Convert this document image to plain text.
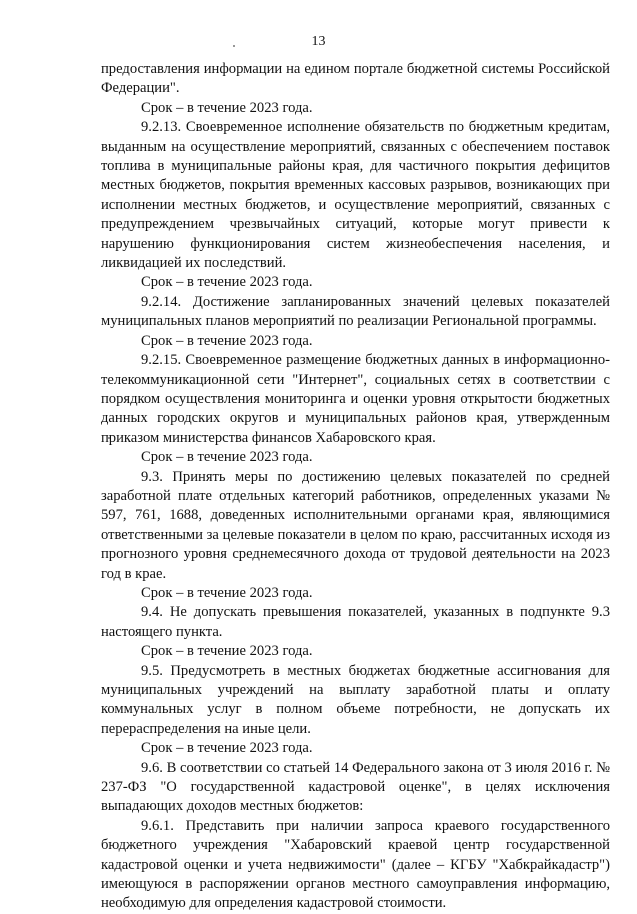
13

предоставления информации на едином портале бюджетной системы Российской Федерации".

Срок – в течение 2023 года.

9.2.13. Своевременное исполнение обязательств по бюджетным кредитам, выданным на осуществление мероприятий, связанных с обеспечением поставок топлива в муниципальные районы края, для частичного покрытия дефицитов местных бюджетов, покрытия временных кассовых разрывов, возникающих при исполнении местных бюджетов, и осуществление мероприятий, связанных с предупреждением чрезвычайных ситуаций, которые могут привести к нарушению функционирования систем жизнеобеспечения населения, и ликвидацией их последствий.

Срок – в течение 2023 года.

9.2.14. Достижение запланированных значений целевых показателей муниципальных планов мероприятий по реализации Региональной программы.

Срок – в течение 2023 года.

9.2.15. Своевременное размещение бюджетных данных в информационно-телекоммуникационной сети "Интернет", социальных сетях в соответствии с порядком осуществления мониторинга и оценки уровня открытости бюджетных данных городских округов и муниципальных районов края, утвержденным приказом министерства финансов Хабаровского края.

Срок – в течение 2023 года.

9.3. Принять меры по достижению целевых показателей по средней заработной плате отдельных категорий работников, определенных указами № 597, 761, 1688, доведенных исполнительными органами края, являющимися ответственными за целевые показатели в целом по краю, рассчитанных исходя из прогнозного уровня среднемесячного дохода от трудовой деятельности на 2023 год в крае.

Срок – в течение 2023 года.

9.4. Не допускать превышения показателей, указанных в подпункте 9.3 настоящего пункта.

Срок – в течение 2023 года.

9.5. Предусмотреть в местных бюджетах бюджетные ассигнования для муниципальных учреждений на выплату заработной платы и оплату коммунальных услуг в полном объеме потребности, не допускать их перераспределения на иные цели.

Срок – в течение 2023 года.

9.6. В соответствии со статьей 14 Федерального закона от 3 июля 2016 г. № 237-ФЗ "О государственной кадастровой оценке", в целях исключения выпадающих доходов местных бюджетов:

9.6.1. Представить при наличии запроса краевого государственного бюджетного учреждения "Хабаровский краевой центр государственной кадастровой оценки и учета недвижимости" (далее – КГБУ "Хабкрайкадастр") имеющуюся в распоряжении органов местного самоуправления информацию, необходимую для определения кадастровой стоимости.
